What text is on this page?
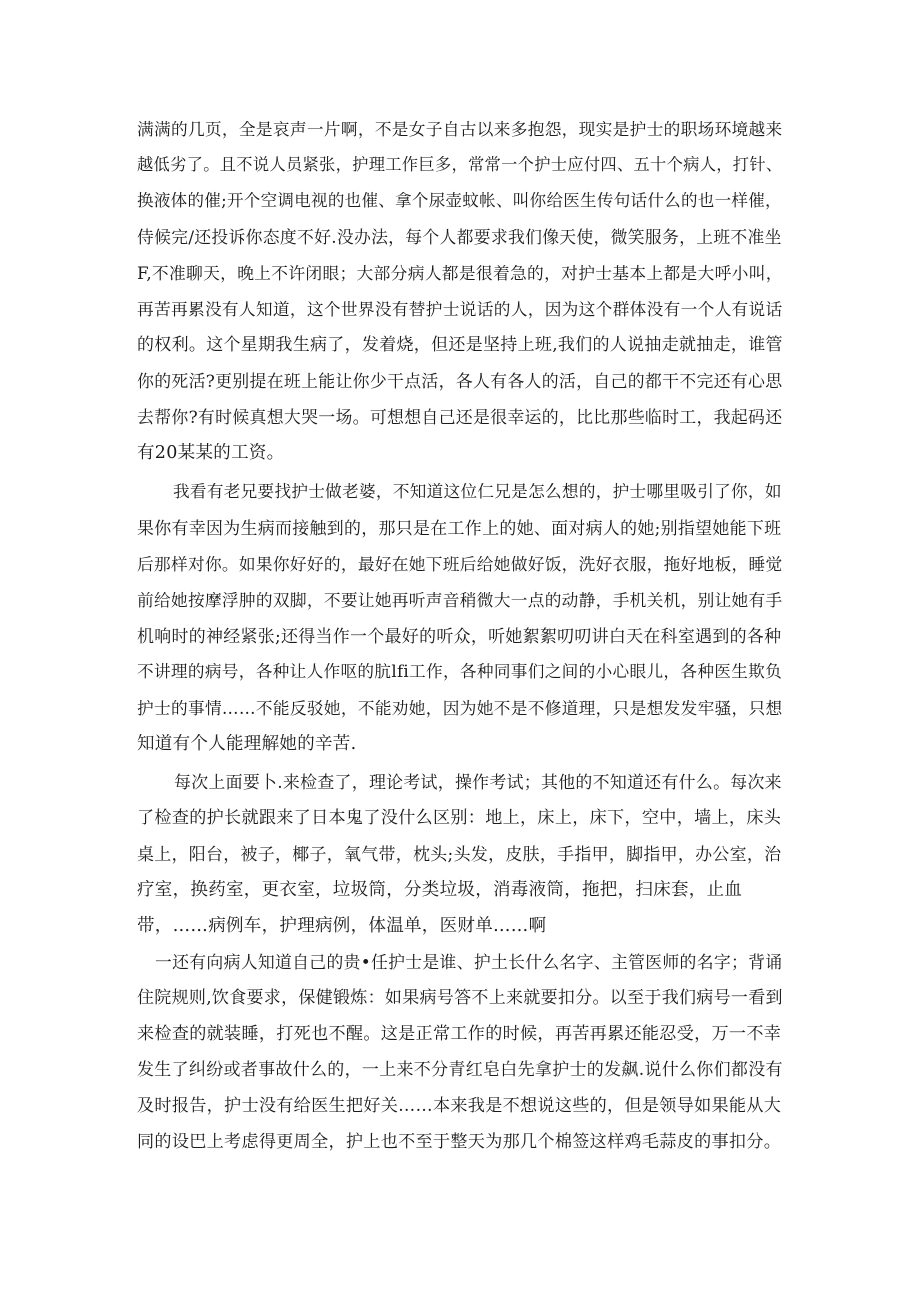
满满的几页，全是哀声一片啊，不是女子自古以来多抱怨，现实是护士的职场环境越来
越低劣了。且不说人员紧张，护理工作巨多，常常一个护士应付四、五十个病人，打针、
换液体的催;开个空调电视的也催、拿个尿壶蚊帐、叫你给医生传句话什么的也一样催，
侍候完/还投诉你态度不好.没办法，每个人都要求我们像天使，微笑服务，上班不准坐
F,不准聊天，晚上不许闭眼；大部分病人都是很着急的，对护士基本上都是大呼小叫，
再苦再累没有人知道，这个世界没有替护士说话的人，因为这个群体没有一个人有说话
的权利。这个星期我生病了，发着烧，但还是坚持上班,我们的人说抽走就抽走，谁管
你的死活?更别提在班上能让你少干点活，各人有各人的活，自己的都干不完还有心思
去帮你?有时候真想大哭一场。可想想自己还是很幸运的，比比那些临时工，我起码还
有20某某的工资。
我看有老兄要找护士做老婆，不知道这位仁兄是怎么想的，护士哪里吸引了你，如
果你有幸因为生病而接触到的，那只是在工作上的她、面对病人的她;别指望她能下班
后那样对你。如果你好好的，最好在她下班后给她做好饭，洗好衣服，拖好地板，睡觉
前给她按摩浮肿的双脚，不要让她再听声音稍微大一点的动静，手机关机，别让她有手
机响时的神经紧张;还得当作一个最好的听众，听她絮絮叨叨讲白天在科室遇到的各种
不讲理的病号，各种让人作呕的肮lfi工作，各种同事们之间的小心眼儿，各种医生欺负
护士的事情……不能反驳她，不能劝她，因为她不是不修道理，只是想发发牢骚，只想
知道有个人能理解她的辛苦.
每次上面要卜.来检查了，理论考试，操作考试；其他的不知道还有什么。每次来
了检查的护长就跟来了日本鬼了没什么区别：地上，床上，床下，空中，墙上，床头
桌上，阳台，被子，椰子，氧气带，枕头;头发，皮肤，手指甲，脚指甲，办公室，治
疗室，换药室，更衣室，垃圾筒，分类垃圾，消毒液筒，拖把，扫床套，止血
带，……病例车，护理病例，体温单，医财单……啊
一还有向病人知道自己的贵•任护士是谁、护土长什么名字、主管医师的名字；背诵
住院规则,饮食要求，保健锻炼：如果病号答不上来就要扣分。以至于我们病号一看到
来检查的就装睡，打死也不醒。这是正常工作的时候，再苦再累还能忍受，万一不幸
发生了纠纷或者事故什么的，一上来不分青红皂白先拿护士的发飙.说什么你们都没有
及时报告，护士没有给医生把好关……本来我是不想说这些的，但是领导如果能从大
同的设巴上考虑得更周全，护上也不至于整天为那几个棉签这样鸡毛蒜皮的事扣分。
